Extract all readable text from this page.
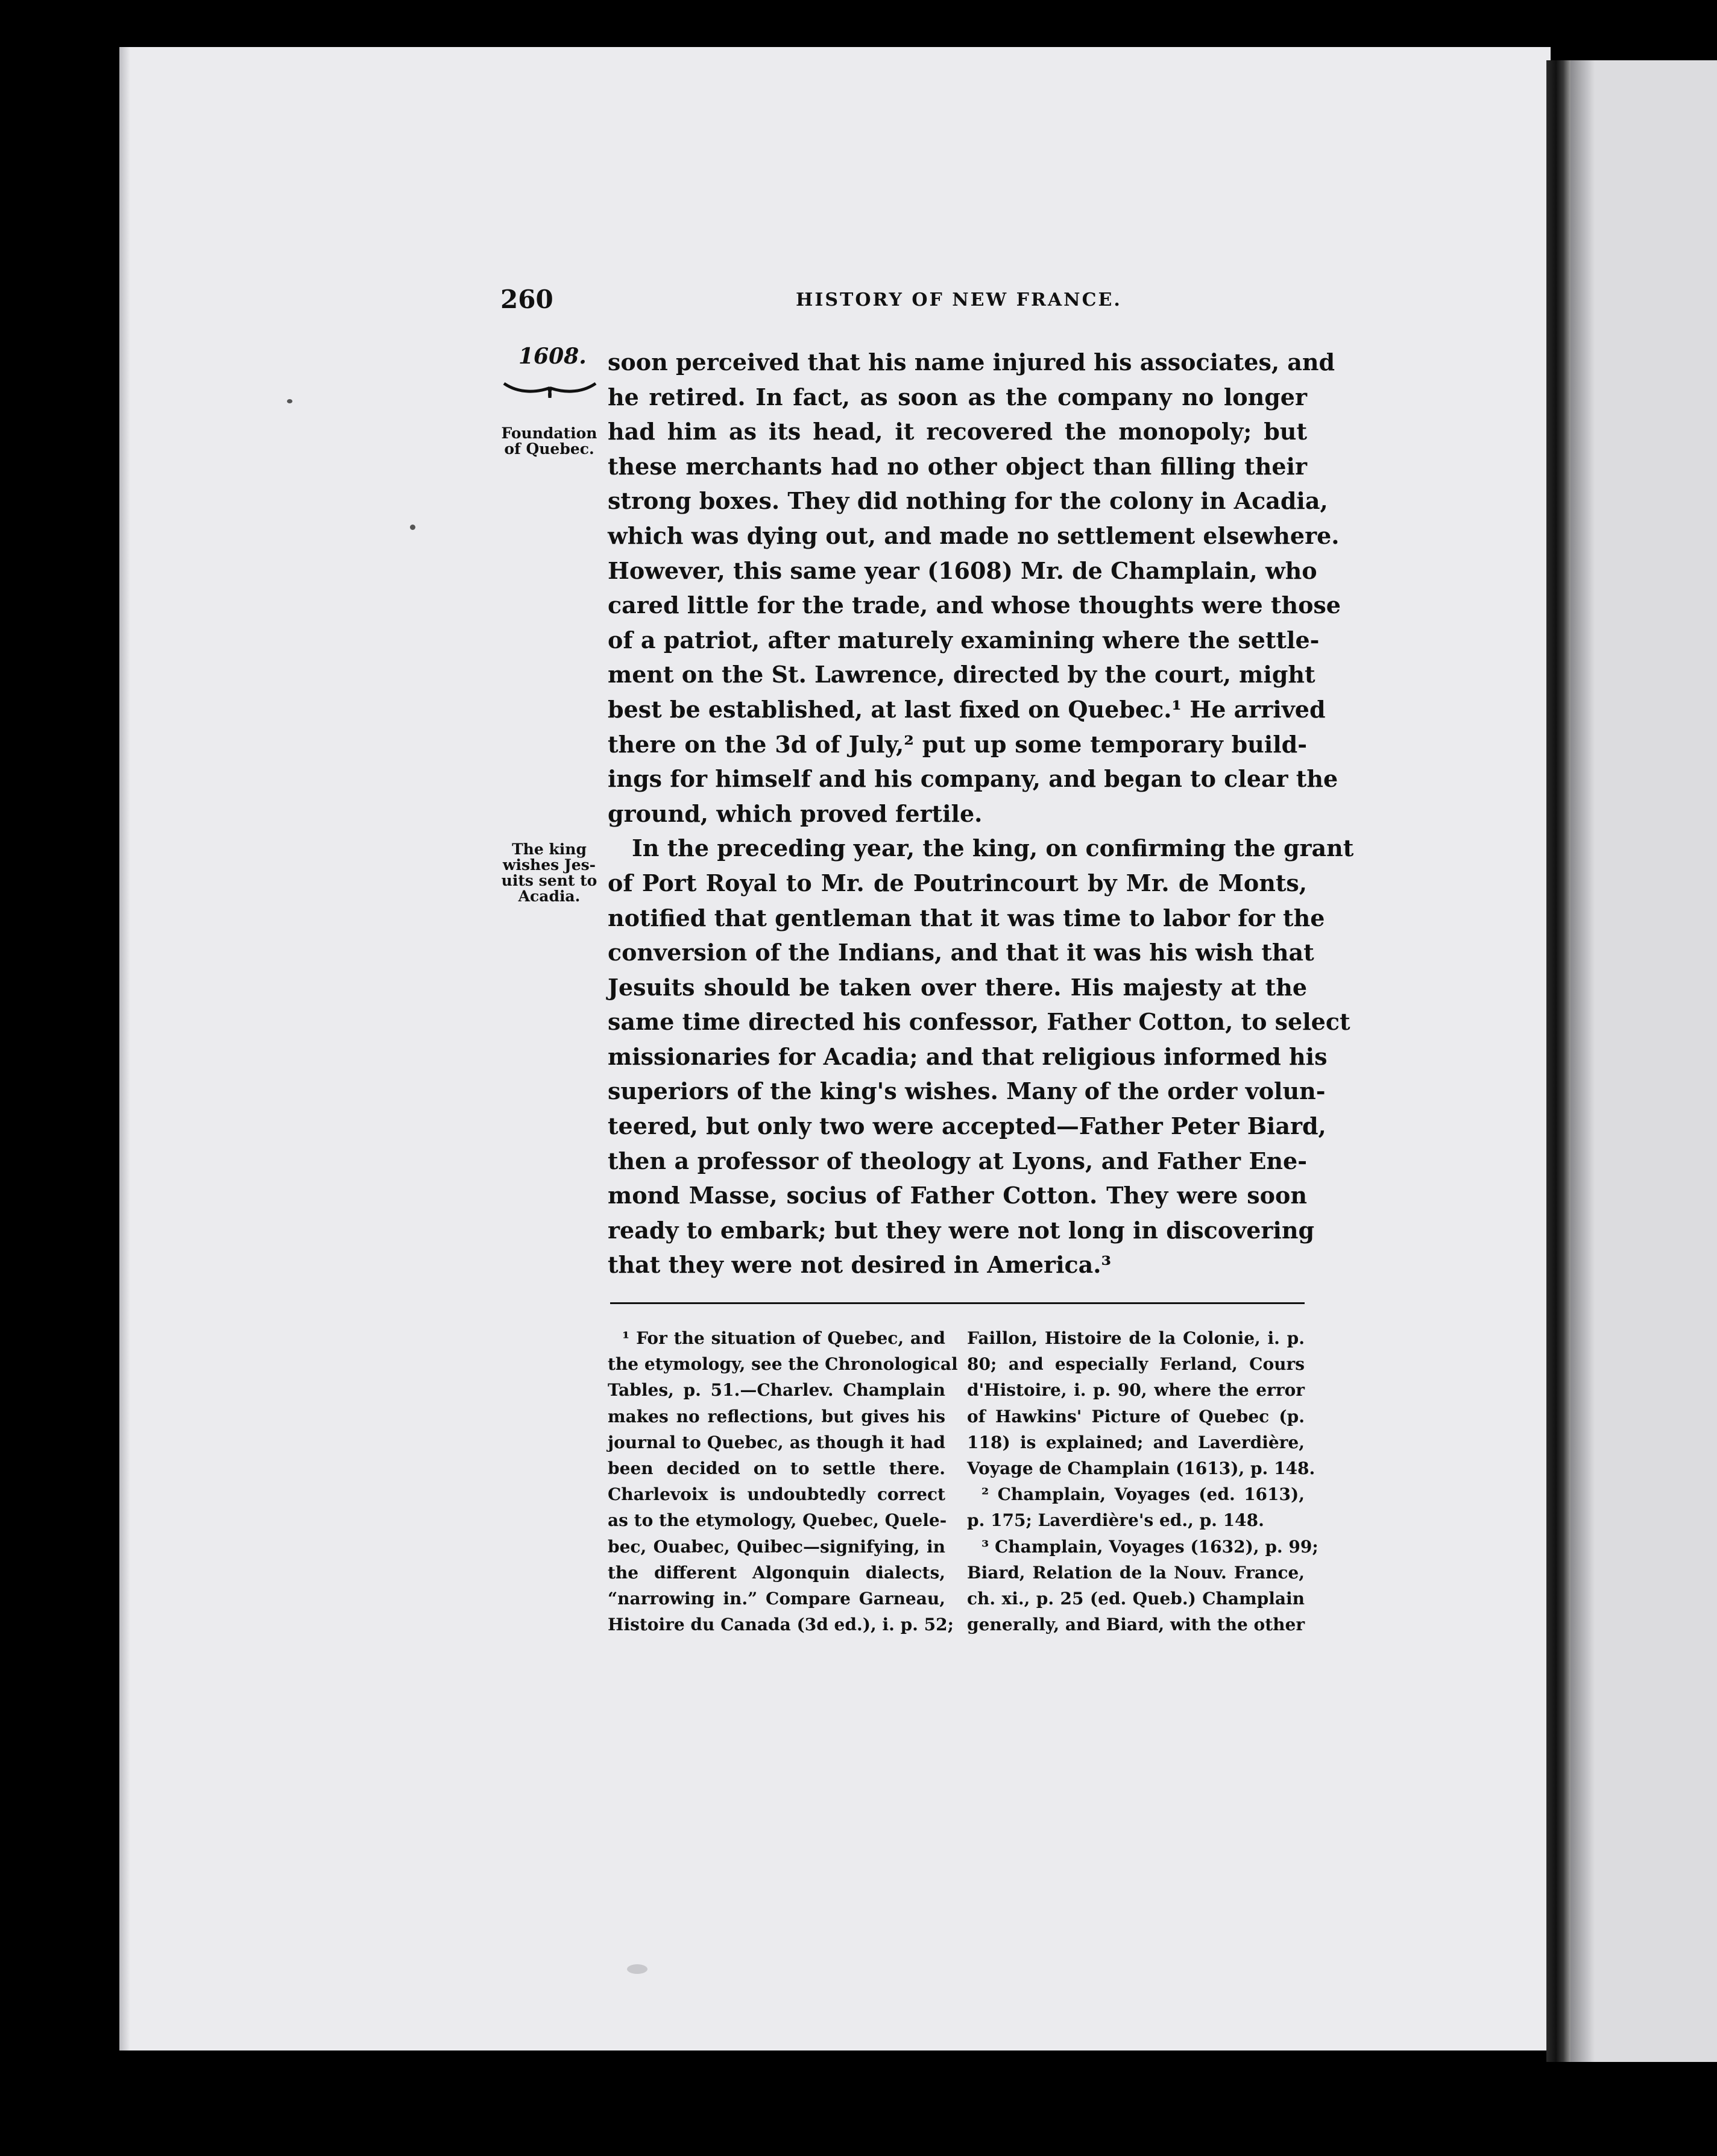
260	HISTORY OF NEW FRANCE.
1608.
Foundation
of Quebec.
The king
wishes Jes-
uits sent to
Acadia.
soon perceived that his name injured his associates, and
he retired. In fact, as soon as the company no longer
had him as its head, it recovered the monopoly; but
these merchants had no other object than filling their
strong boxes. They did nothing for the colony in Acadia,
which was dying out, and made no settlement elsewhere.
However, this same year (1608) Mr. de Champlain, who
cared little for the trade, and whose thoughts were those
of a patriot, after maturely examining where the settle-
ment on the St. Lawrence, directed by the court, might
best be established, at last fixed on Quebec.¹ He arrived
there on the 3d of July,² put up some temporary build-
ings for himself and his company, and began to clear the
ground, which proved fertile.
In the preceding year, the king, on confirming the grant
of Port Royal to Mr. de Poutrincourt by Mr. de Monts,
notified that gentleman that it was time to labor for the
conversion of the Indians, and that it was his wish that
Jesuits should be taken over there. His majesty at the
same time directed his confessor, Father Cotton, to select
missionaries for Acadia; and that religious informed his
superiors of the king's wishes. Many of the order volun-
teered, but only two were accepted—Father Peter Biard,
then a professor of theology at Lyons, and Father Ene-
mond Masse, socius of Father Cotton. They were soon
ready to embark; but they were not long in discovering
that they were not desired in America.³
¹ For the situation of Quebec, and
the etymology, see the Chronological
Tables, p. 51.—Charlev. Champlain
makes no reflections, but gives his
journal to Quebec, as though it had
been decided on to settle there.
Charlevoix is undoubtedly correct
as to the etymology, Quebec, Quele-
bec, Ouabec, Quibec—signifying, in
the different Algonquin dialects,
“narrowing in.” Compare Garneau,
Histoire du Canada (3d ed.), i. p. 52;
Faillon, Histoire de la Colonie, i. p.
80; and especially Ferland, Cours
d'Histoire, i. p. 90, where the error
of Hawkins' Picture of Quebec (p.
118) is explained; and Laverdière,
Voyage de Champlain (1613), p. 148.
² Champlain, Voyages (ed. 1613),
p. 175; Laverdière's ed., p. 148.
³ Champlain, Voyages (1632), p. 99;
Biard, Relation de la Nouv. France,
ch. xi., p. 25 (ed. Queb.) Champlain
generally, and Biard, with the other
